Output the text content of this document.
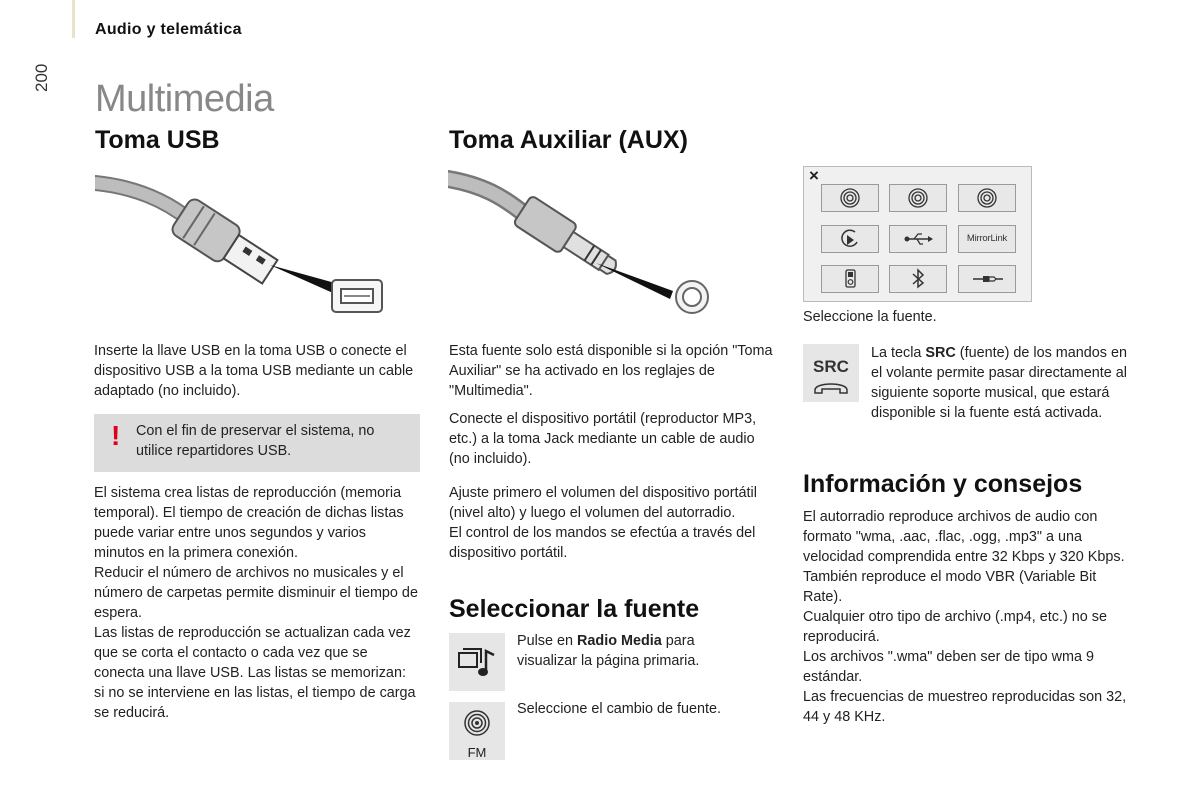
Audio y telemática
200
Multimedia
Toma USB
Inserte la llave USB en la toma USB o conecte el dispositivo USB a la toma USB mediante un cable adaptado (no incluido).
! Con el fin de preservar el sistema, no utilice repartidores USB.

El sistema crea listas de reproducción (memoria temporal). El tiempo de creación de dichas listas puede variar entre unos segundos y varios minutos en la primera conexión.

Reducir el número de archivos no musicales y el número de carpetas permite disminuir el tiempo de espera.

Las listas de reproducción se actualizan cada vez que se corta el contacto o cada vez que se conecta una llave USB. Las listas se memorizan: si no se interviene en las listas, el tiempo de carga se reducirá.

Toma Auxiliar (AUX)
Esta fuente solo está disponible si la opción "Toma Auxiliar" se ha activado en los reglajes de "Multimedia".
Conecte el dispositivo portátil (reproductor MP3, etc.) a la toma Jack mediante un cable de audio (no incluido).

Ajuste primero el volumen del dispositivo portátil (nivel alto) y luego el volumen del autorradio.

El control de los mandos se efectúa a través del dispositivo portátil.

Seleccionar la fuente
Pulse en Radio Media para visualizar la página primaria.
FM
Seleccione el cambio de fuente.
×
MirrorLink
Seleccione la fuente.
SRC
La tecla SRC (fuente) de los mandos en el volante permite pasar directamente al siguiente soporte musical, que estará disponible si la fuente está activada.
Información y consejos

El autorradio reproduce archivos de audio con formato "wma, .aac, .flac, .ogg, .mp3" a una velocidad comprendida entre 32 Kbps y 320 Kbps.

También reproduce el modo VBR (Variable Bit Rate).

Cualquier otro tipo de archivo (.mp4, etc.) no se reproducirá.

Los archivos ".wma" deben ser de tipo wma 9 estándar.

Las frecuencias de muestreo reproducidas son 32, 44 y 48 KHz.
